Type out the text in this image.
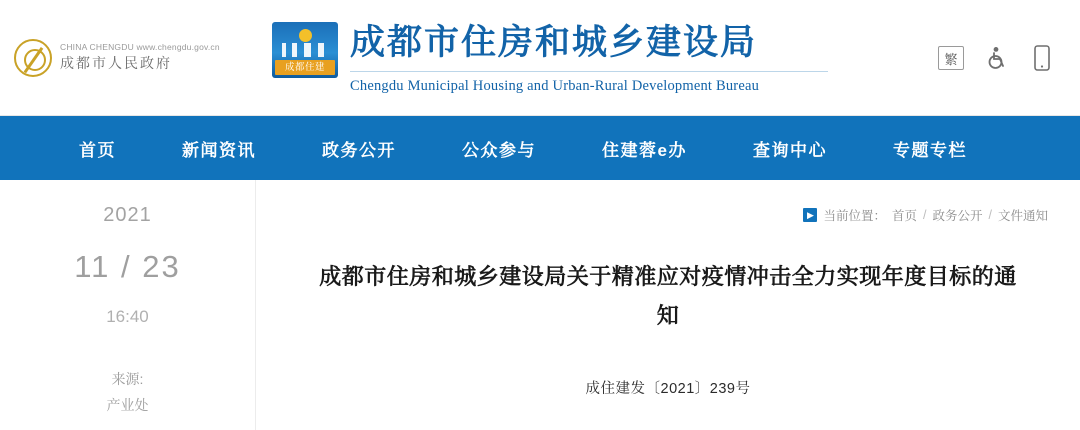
CHINA CHENGDU www.chengdu.gov.cn
成都市人民政府	成都住建
成都市住房和城乡建设局
Chengdu Municipal Housing and Urban-Rural Development Bureau
繁
首页	新闻资讯	政务公开	公众参与	住建蓉e办	查询中心	专题专栏
2021
11 / 23
16:40
来源:
产业处
▶ 当前位置： 首页 / 政务公开 / 文件通知
成都市住房和城乡建设局关于精准应对疫情冲击全力实现年度目标的通知
成住建发〔2021〕239号
